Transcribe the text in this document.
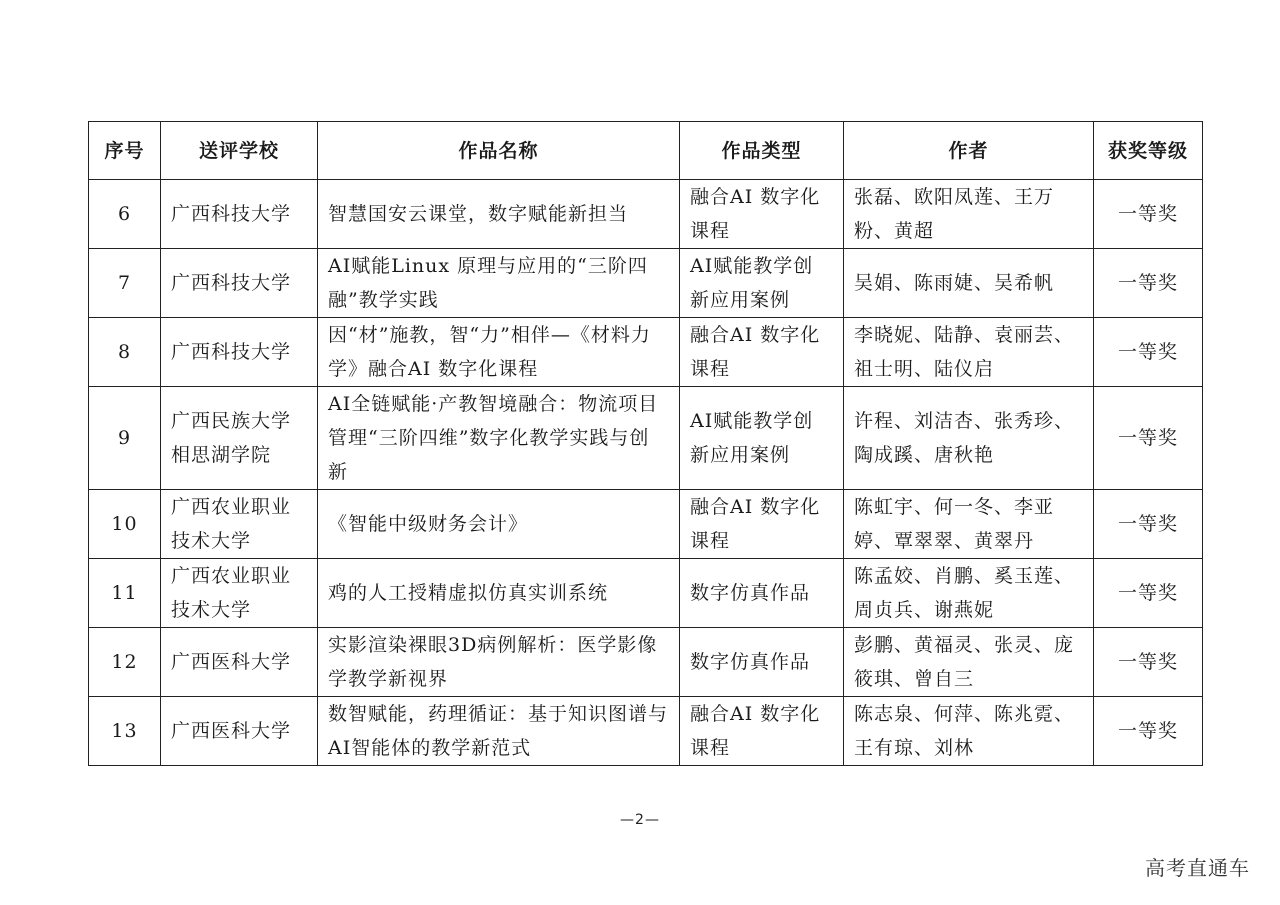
序号	送评学校	作品名称	作品类型	作者	获奖等级
6	广西科技大学	智慧国安云课堂，数字赋能新担当	融合AI 数字化课程	张磊、欧阳凤莲、王万粉、黄超	一等奖
7	广西科技大学	AI赋能Linux 原理与应用的“三阶四融”教学实践	AI赋能教学创新应用案例	吴娟、陈雨婕、吴希帆	一等奖
8	广西科技大学	因“材”施教，智“力”相伴—《材料力学》融合AI 数字化课程	融合AI 数字化课程	李晓妮、陆静、袁丽芸、祖士明、陆仪启	一等奖
9	广西民族大学相思湖学院	AI全链赋能·产教智境融合：物流项目管理“三阶四维”数字化教学实践与创新	AI赋能教学创新应用案例	许程、刘洁杏、张秀珍、陶成蹊、唐秋艳	一等奖
10	广西农业职业技术大学	《智能中级财务会计》	融合AI 数字化课程	陈虹宇、何一冬、李亚婷、覃翠翠、黄翠丹	一等奖
11	广西农业职业技术大学	鸡的人工授精虚拟仿真实训系统	数字仿真作品	陈孟姣、肖鹏、奚玉莲、周贞兵、谢燕妮	一等奖
12	广西医科大学	实影渲染裸眼3D病例解析：医学影像学教学新视界	数字仿真作品	彭鹏、黄福灵、张灵、庞筱琪、曾自三	一等奖
13	广西医科大学	数智赋能，药理循证：基于知识图谱与AI智能体的教学新范式	融合AI 数字化课程	陈志泉、何萍、陈兆霓、王有琼、刘林	一等奖
—2—
高考直通车
